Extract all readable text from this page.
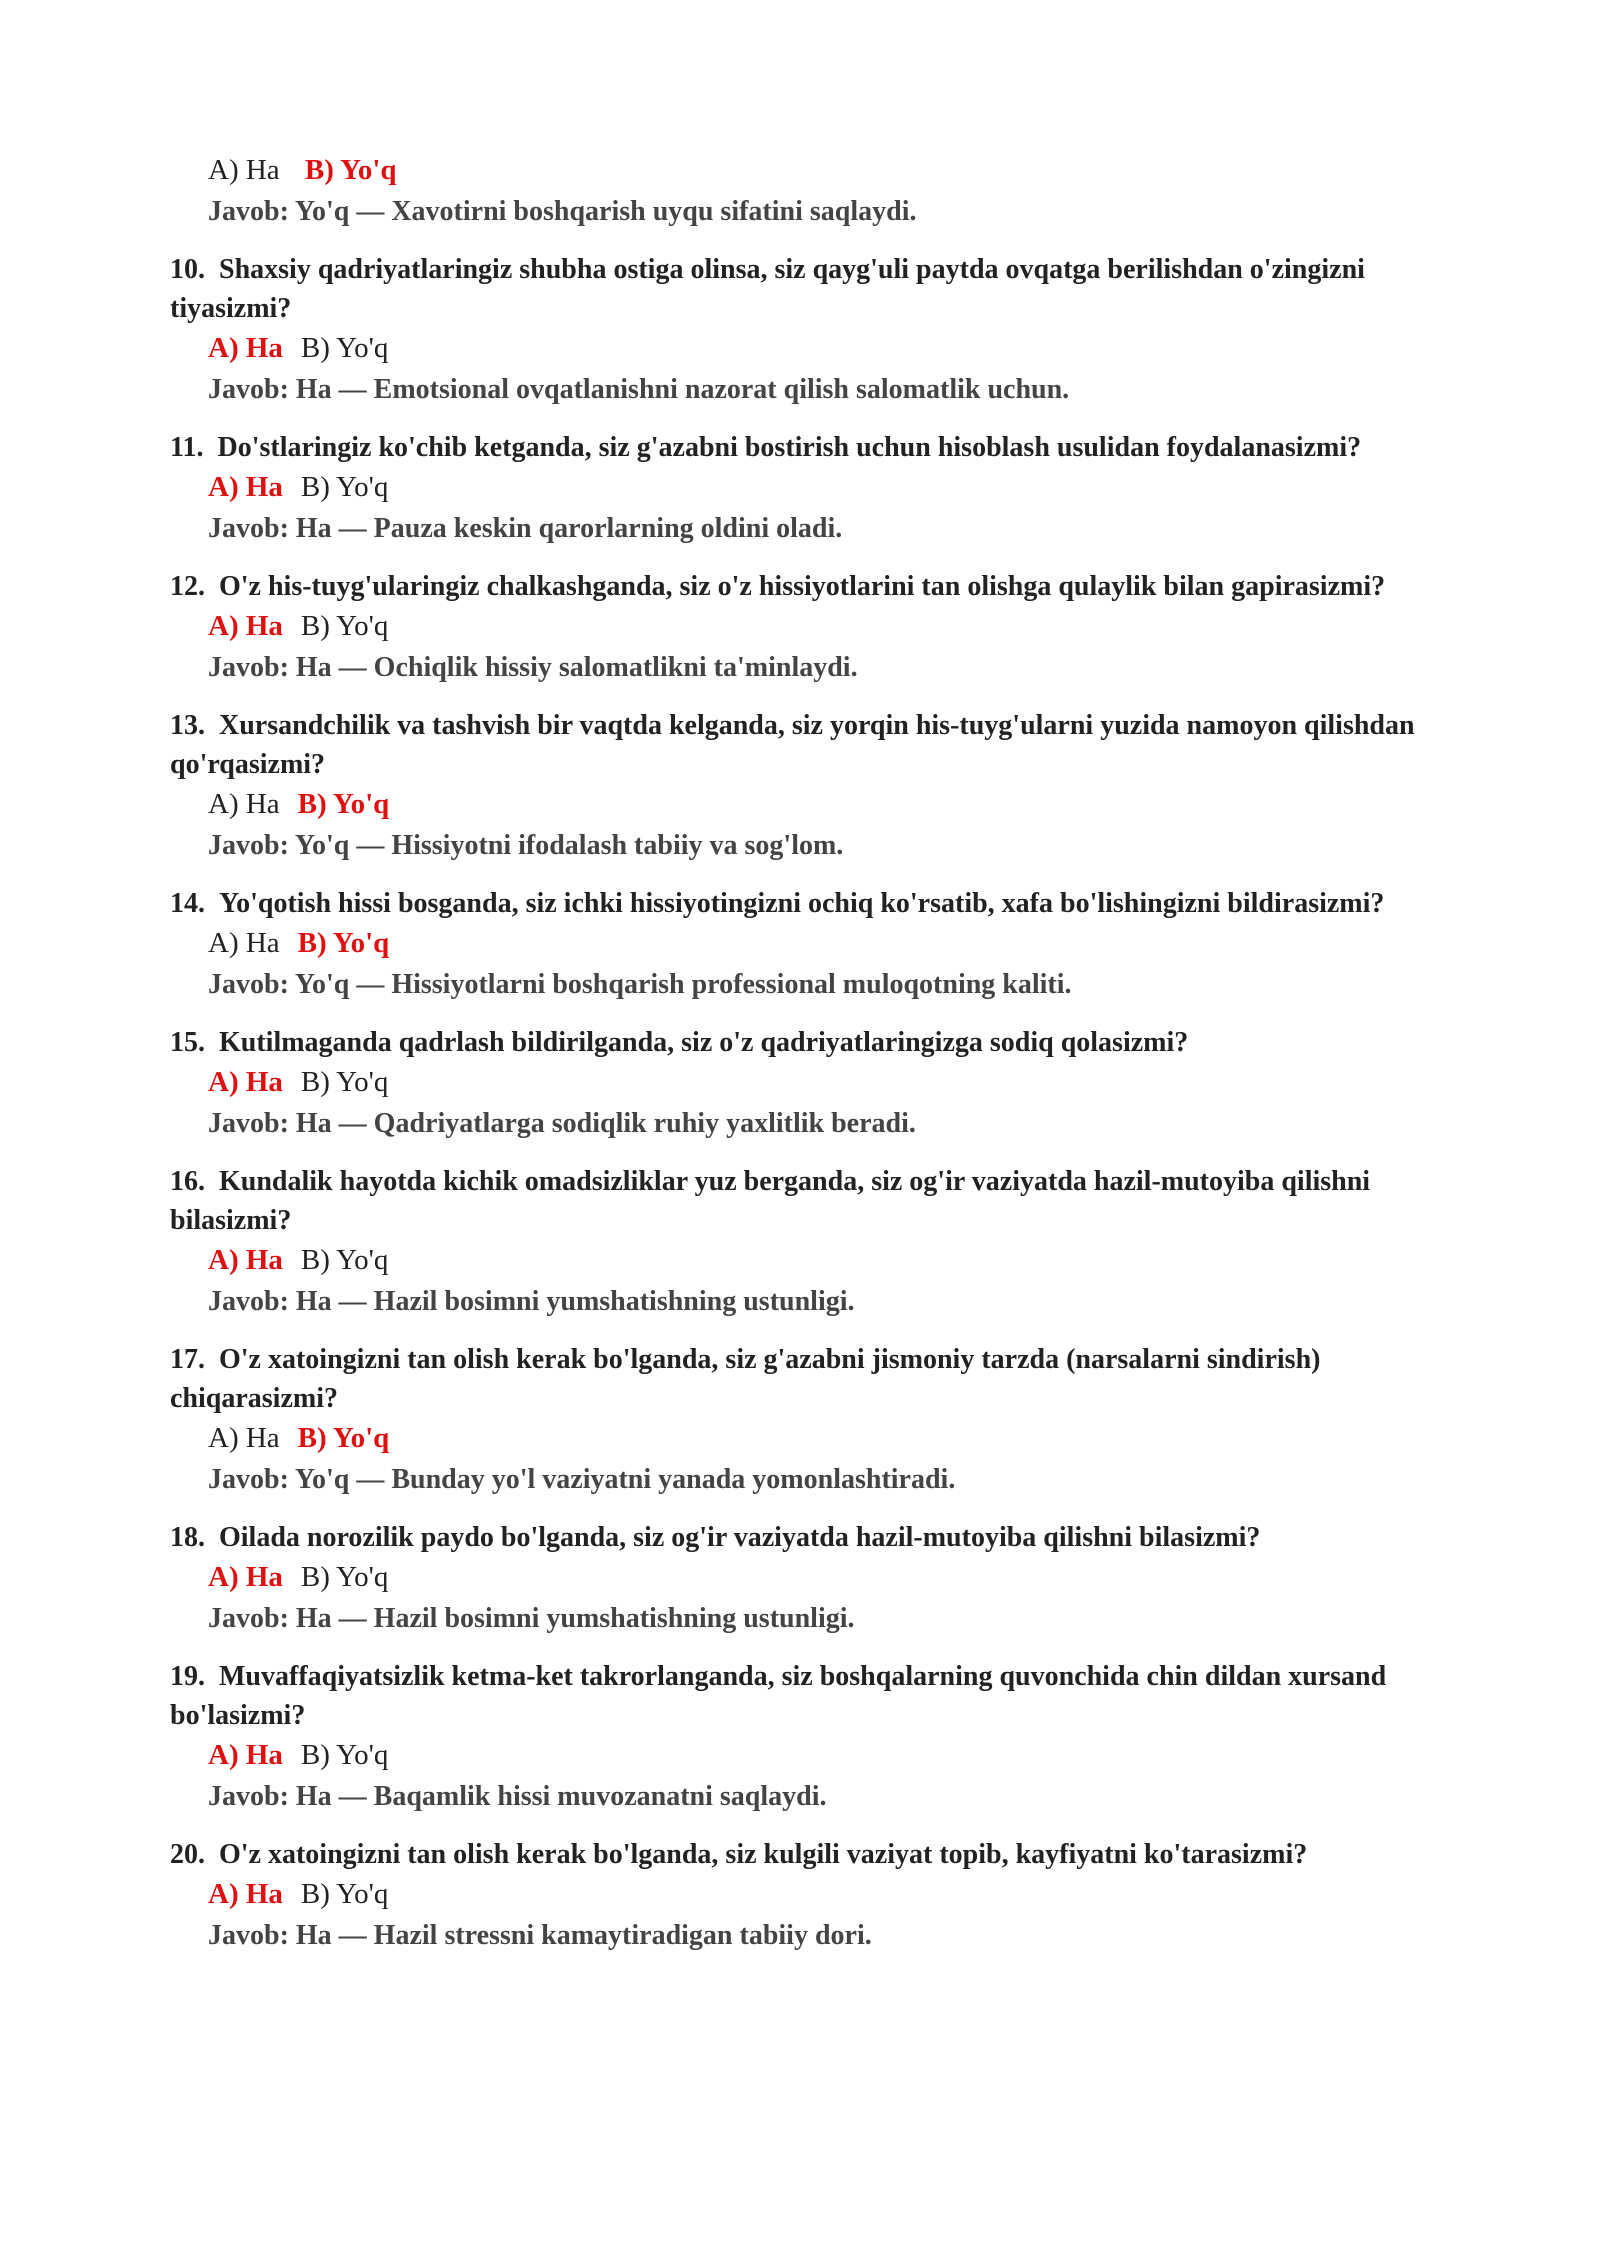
A) Ha B) Yo'q
Javob: Yo'q — Xavotirni boshqarish uyqu sifatini saqlaydi.
10. Shaxsiy qadriyatlaringiz shubha ostiga olinsa, siz qayg'uli paytda ovqatga berilishdan o'zingizni tiyasizmi?
A) Ha B) Yo'q
Javob: Ha — Emotsional ovqatlanishni nazorat qilish salomatlik uchun.
11. Do'stlaringiz ko'chib ketganda, siz g'azabni bostirish uchun hisoblash usulidan foydalanasizmi?
A) Ha B) Yo'q
Javob: Ha — Pauza keskin qarorlarning oldini oladi.
12. O'z his-tuyg'ularingiz chalkashganda, siz o'z hissiyotlarini tan olishga qulaylik bilan gapirasizmi?
A) Ha B) Yo'q
Javob: Ha — Ochiqlik hissiy salomatlikni ta'minlaydi.
13. Xursandchilik va tashvish bir vaqtda kelganda, siz yorqin his-tuyg'ularni yuzida namoyon qilishdan qo'rqasizmi?
A) Ha B) Yo'q
Javob: Yo'q — Hissiyotni ifodalash tabiiy va sog'lom.
14. Yo'qotish hissi bosganda, siz ichki hissiyotingizni ochiq ko'rsatib, xafa bo'lishingizni bildirasizmi?
A) Ha B) Yo'q
Javob: Yo'q — Hissiyotlarni boshqarish professional muloqotning kaliti.
15. Kutilmaganda qadrlash bildirilganda, siz o'z qadriyatlaringizga sodiq qolasizmi?
A) Ha B) Yo'q
Javob: Ha — Qadriyatlarga sodiqlik ruhiy yaxlitlik beradi.
16. Kundalik hayotda kichik omadsizliklar yuz berganda, siz og'ir vaziyatda hazil-mutoyiba qilishni bilasizmi?
A) Ha B) Yo'q
Javob: Ha — Hazil bosimni yumshatishning ustunligi.
17. O'z xatoingizni tan olish kerak bo'lganda, siz g'azabni jismoniy tarzda (narsalarni sindirish) chiqarasizmi?
A) Ha B) Yo'q
Javob: Yo'q — Bunday yo'l vaziyatni yanada yomonlashtiradi.
18. Oilada norozilik paydo bo'lganda, siz og'ir vaziyatda hazil-mutoyiba qilishni bilasizmi?
A) Ha B) Yo'q
Javob: Ha — Hazil bosimni yumshatishning ustunligi.
19. Muvaffaqiyatsizlik ketma-ket takrorlanganda, siz boshqalarning quvonchida chin dildan xursand bo'lasizmi?
A) Ha B) Yo'q
Javob: Ha — Baqamlik hissi muvozanatni saqlaydi.
20. O'z xatoingizni tan olish kerak bo'lganda, siz kulgili vaziyat topib, kayfiyatni ko'tarasizmi?
A) Ha B) Yo'q
Javob: Ha — Hazil stressni kamaytiradigan tabiiy dori.
